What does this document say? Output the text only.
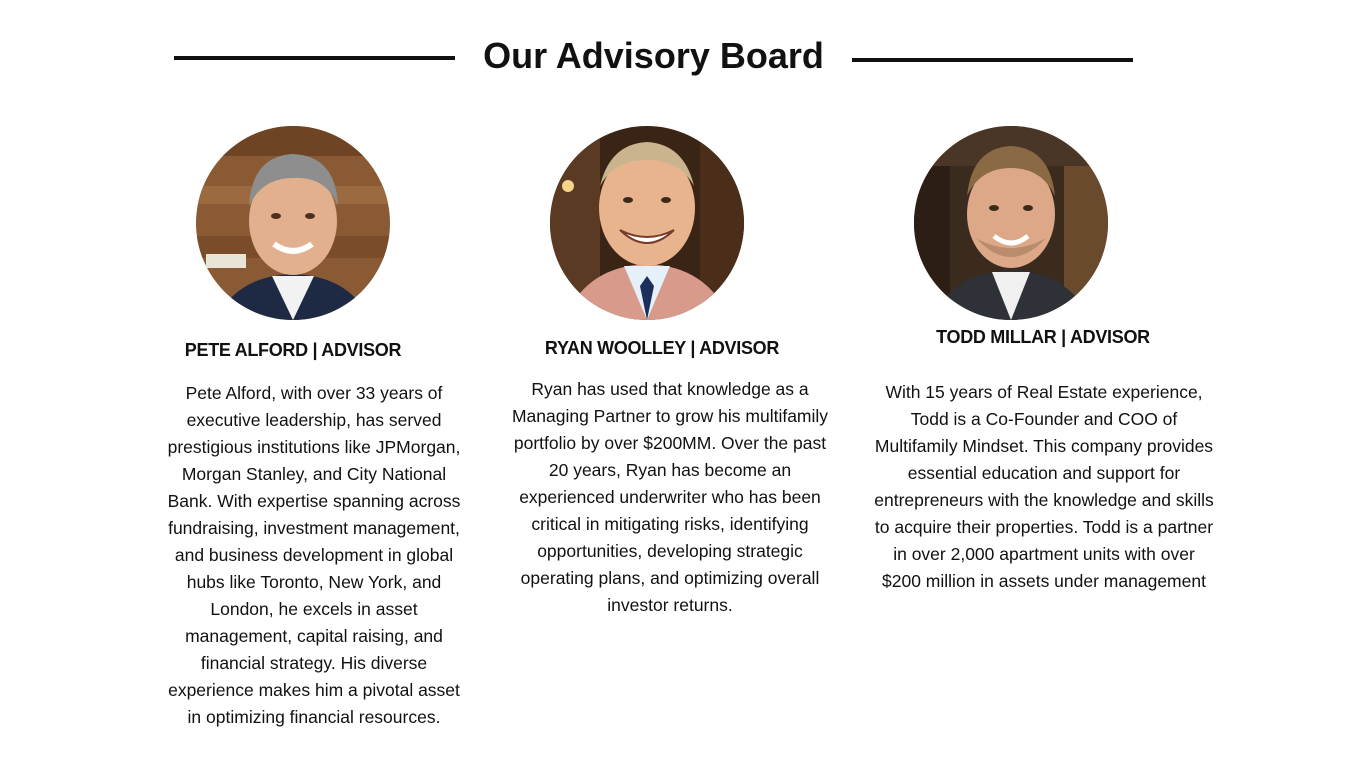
Our Advisory Board
PETE ALFORD | ADVISOR

Pete Alford, with over 33 years of executive leadership, has served prestigious institutions like JPMorgan, Morgan Stanley, and City National Bank. With expertise spanning across fundraising, investment management, and business development in global hubs like Toronto, New York, and London, he excels in asset management, capital raising, and financial strategy. His diverse experience makes him a pivotal asset in optimizing financial resources.

RYAN WOOLLEY | ADVISOR

Ryan has used that knowledge as a Managing Partner to grow his multifamily portfolio by over $200MM. Over the past 20 years, Ryan has become an experienced underwriter who has been critical in mitigating risks, identifying opportunities, developing strategic operating plans, and optimizing overall investor returns.

TODD MILLAR | ADVISOR

With 15 years of Real Estate experience, Todd is a Co-Founder and COO of Multifamily Mindset. This company provides essential education and support for entrepreneurs with the knowledge and skills to acquire their properties. Todd is a partner in over 2,000 apartment units with over $200 million in assets under management
